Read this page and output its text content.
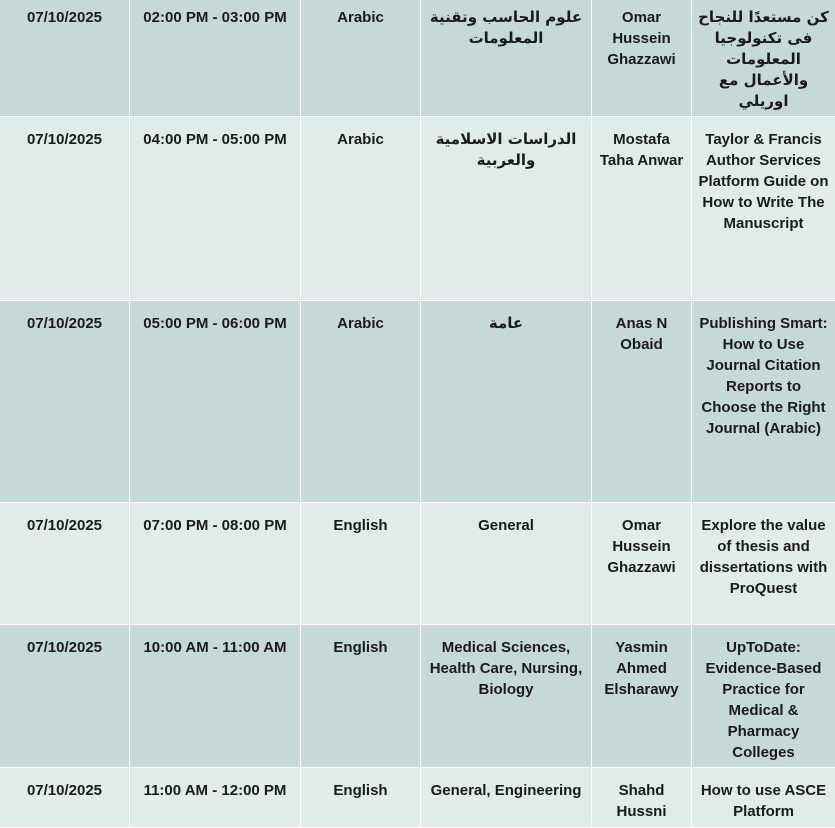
07/10/2025	02:00 PM - 03:00 PM	Arabic	علوم الحاسب وتقنية المعلومات	Omar Hussein Ghazzawi	كن مستعدًا للنجاح فى تكنولوجيا المعلومات والأعمال مع اوريلي
07/10/2025	04:00 PM - 05:00 PM	Arabic	الدراسات الاسلامية والعربية	Mostafa Taha Anwar	Taylor & Francis Author Services Platform Guide on How to Write The Manuscript
07/10/2025	05:00 PM - 06:00 PM	Arabic	عامة	Anas N Obaid	Publishing Smart: How to Use Journal Citation Reports to Choose the Right Journal (Arabic)
07/10/2025	07:00 PM - 08:00 PM	English	General	Omar Hussein Ghazzawi	Explore the value of thesis and dissertations with ProQuest
07/10/2025	10:00 AM - 11:00 AM	English	Medical Sciences, Health Care, Nursing, Biology	Yasmin Ahmed Elsharawy	UpToDate: Evidence-Based Practice for Medical & Pharmacy Colleges
07/10/2025	11:00 AM - 12:00 PM	English	General, Engineering	Shahd Hussni	How to use ASCE Platform
